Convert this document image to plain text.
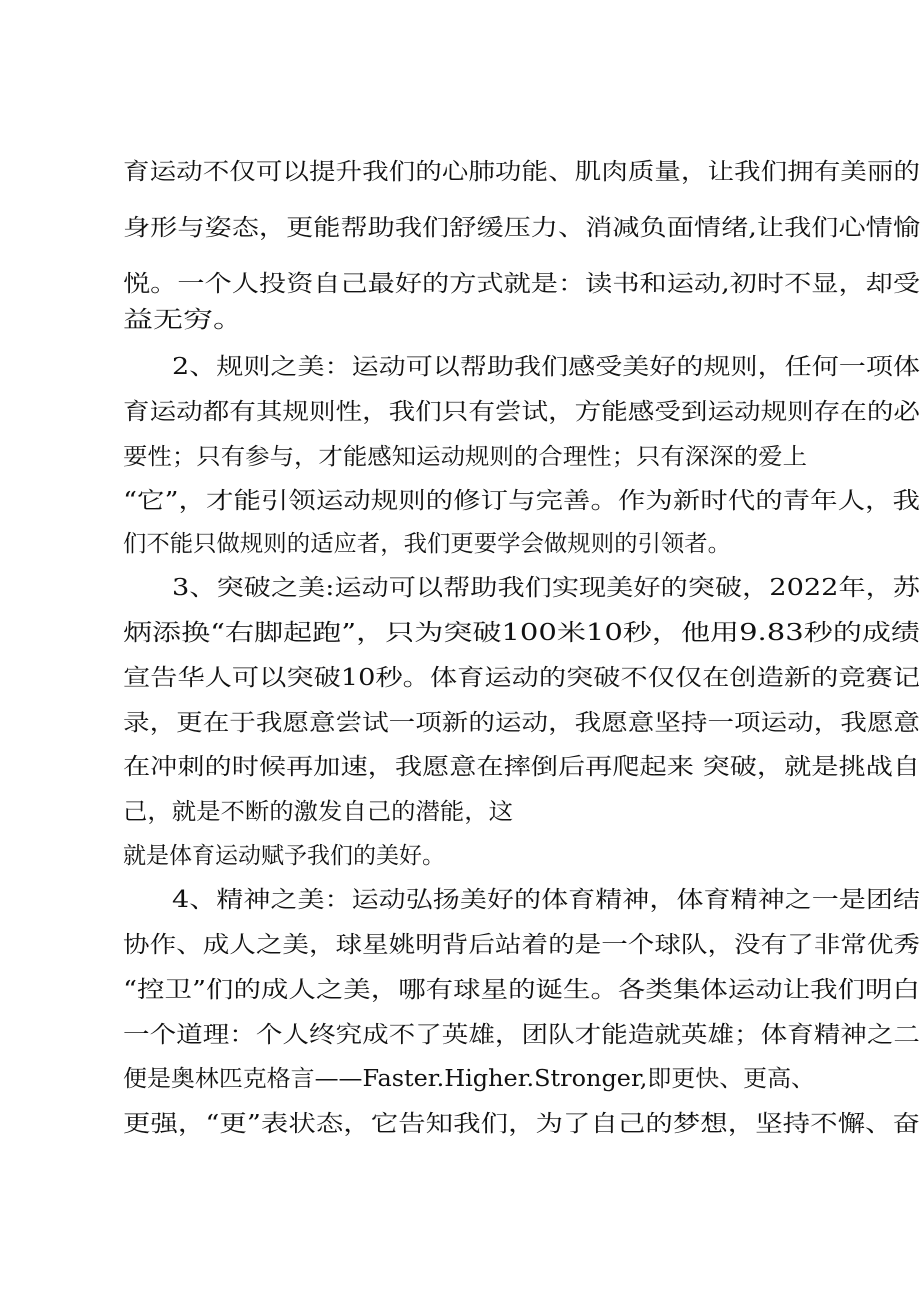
育运动不仅可以提升我们的心肺功能、肌肉质量，让我们拥有美丽的
身形与姿态，更能帮助我们舒缓压力、消减负面情绪,让我们心情愉
悦。一个人投资自己最好的方式就是：读书和运动,初时不显，却受
益无穷。
2、规则之美：运动可以帮助我们感受美好的规则，任何一项体
育运动都有其规则性，我们只有尝试，方能感受到运动规则存在的必
要性；只有参与，才能感知运动规则的合理性；只有深深的爱上
“它”，才能引领运动规则的修订与完善。作为新时代的青年人，我
们不能只做规则的适应者，我们更要学会做规则的引领者。
3、突破之美:运动可以帮助我们实现美好的突破，2022年，苏
炳添换“右脚起跑”，只为突破100米10秒，他用9.83秒的成绩
宣告华人可以突破10秒。体育运动的突破不仅仅在创造新的竞赛记
录，更在于我愿意尝试一项新的运动，我愿意坚持一项运动，我愿意
在冲刺的时候再加速，我愿意在摔倒后再爬起来 突破，就是挑战自
己，就是不断的激发自己的潜能，这
就是体育运动赋予我们的美好。
4、精神之美：运动弘扬美好的体育精神，体育精神之一是团结
协作、成人之美，球星姚明背后站着的是一个球队，没有了非常优秀
“控卫”们的成人之美，哪有球星的诞生。各类集体运动让我们明白
一个道理：个人终究成不了英雄，团队才能造就英雄；体育精神之二
便是奥林匹克格言——Faster.Higher.Stronger,即更快、更高、
更强，“更”表状态，它告知我们，为了自己的梦想，坚持不懈、奋
